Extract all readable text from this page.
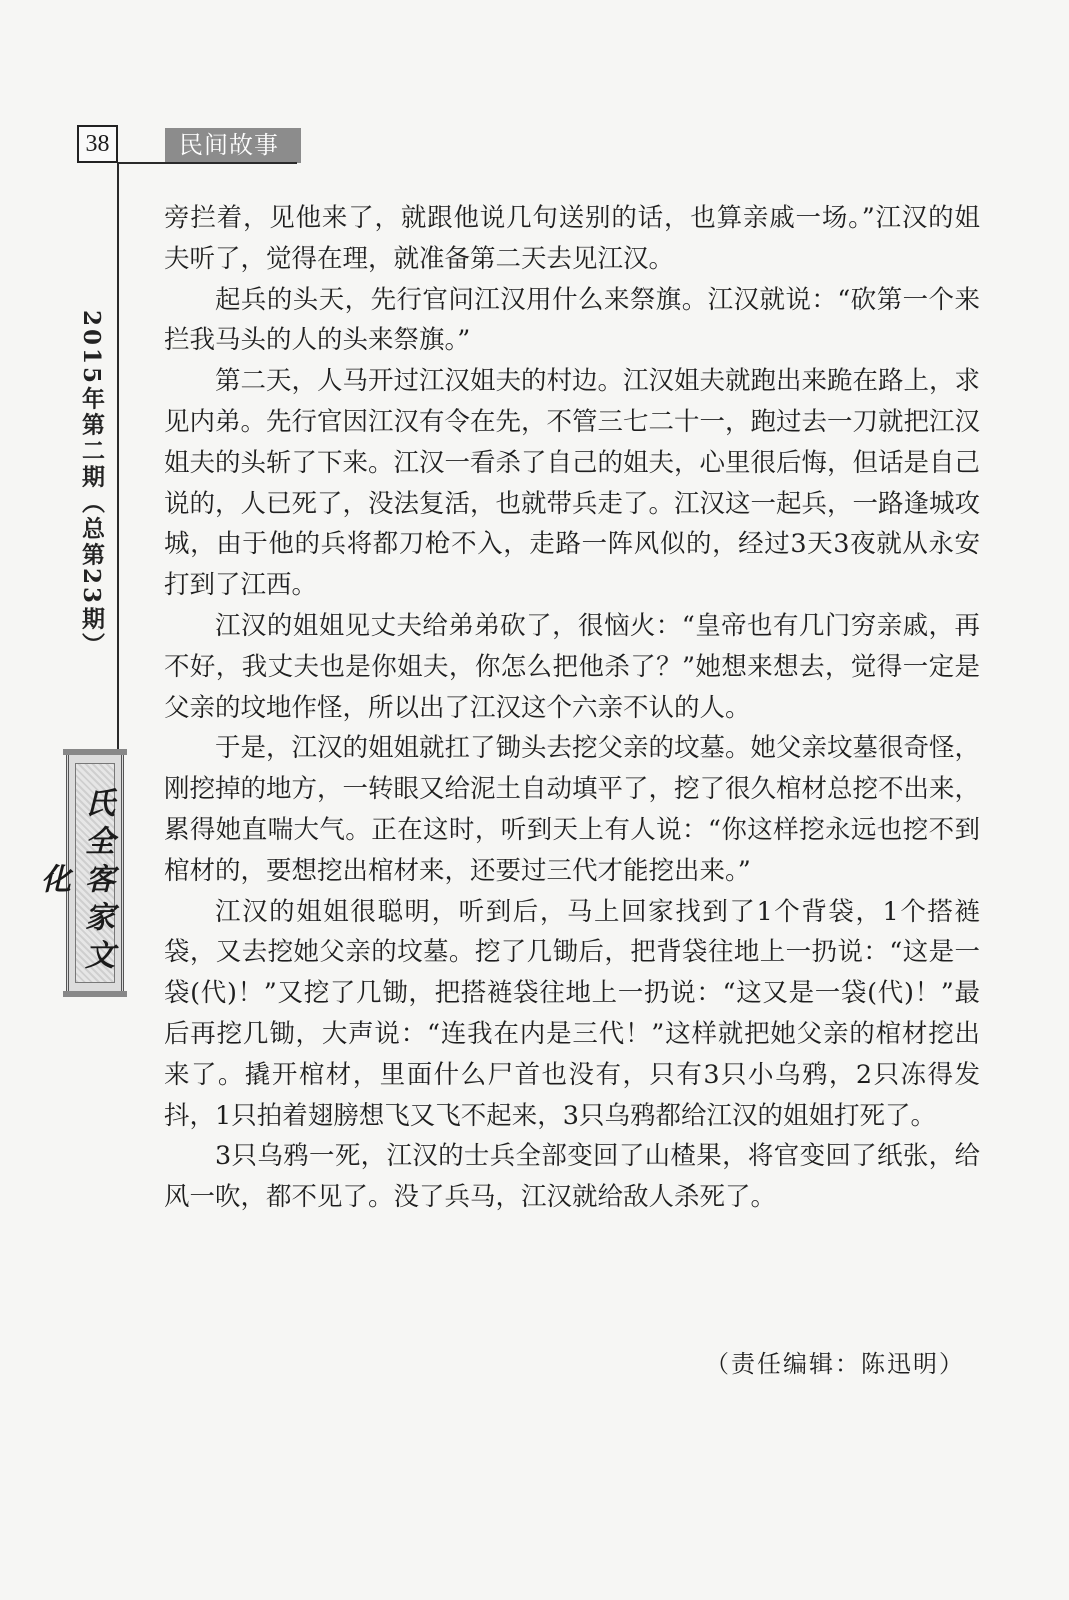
38	民间故事
2015年第二期（总第23期）
氏全客家文化

旁拦着，见他来了，就跟他说几句送别的话，也算亲戚一场。”江汉的姐夫听了，觉得在理，就准备第二天去见江汉。

起兵的头天，先行官问江汉用什么来祭旗。江汉就说：“砍第一个来拦我马头的人的头来祭旗。”

第二天，人马开过江汉姐夫的村边。江汉姐夫就跑出来跪在路上，求见内弟。先行官因江汉有令在先，不管三七二十一，跑过去一刀就把江汉姐夫的头斩了下来。江汉一看杀了自己的姐夫，心里很后悔，但话是自己说的，人已死了，没法复活，也就带兵走了。江汉这一起兵，一路逢城攻城，由于他的兵将都刀枪不入，走路一阵风似的，经过3天3夜就从永安打到了江西。

江汉的姐姐见丈夫给弟弟砍了，很恼火：“皇帝也有几门穷亲戚，再不好，我丈夫也是你姐夫，你怎么把他杀了？”她想来想去，觉得一定是父亲的坟地作怪，所以出了江汉这个六亲不认的人。

于是，江汉的姐姐就扛了锄头去挖父亲的坟墓。她父亲坟墓很奇怪，刚挖掉的地方，一转眼又给泥土自动填平了，挖了很久棺材总挖不出来，累得她直喘大气。正在这时，听到天上有人说：“你这样挖永远也挖不到棺材的，要想挖出棺材来，还要过三代才能挖出来。”

江汉的姐姐很聪明，听到后，马上回家找到了1个背袋，1个搭裢袋，又去挖她父亲的坟墓。挖了几锄后，把背袋往地上一扔说：“这是一袋(代)！”又挖了几锄，把搭裢袋往地上一扔说：“这又是一袋(代)！”最后再挖几锄，大声说：“连我在内是三代！”这样就把她父亲的棺材挖出来了。撬开棺材，里面什么尸首也没有，只有3只小乌鸦，2只冻得发抖，1只拍着翅膀想飞又飞不起来，3只乌鸦都给江汉的姐姐打死了。

3只乌鸦一死，江汉的士兵全部变回了山楂果，将官变回了纸张，给风一吹，都不见了。没了兵马，江汉就给敌人杀死了。

（责任编辑：陈迅明）
